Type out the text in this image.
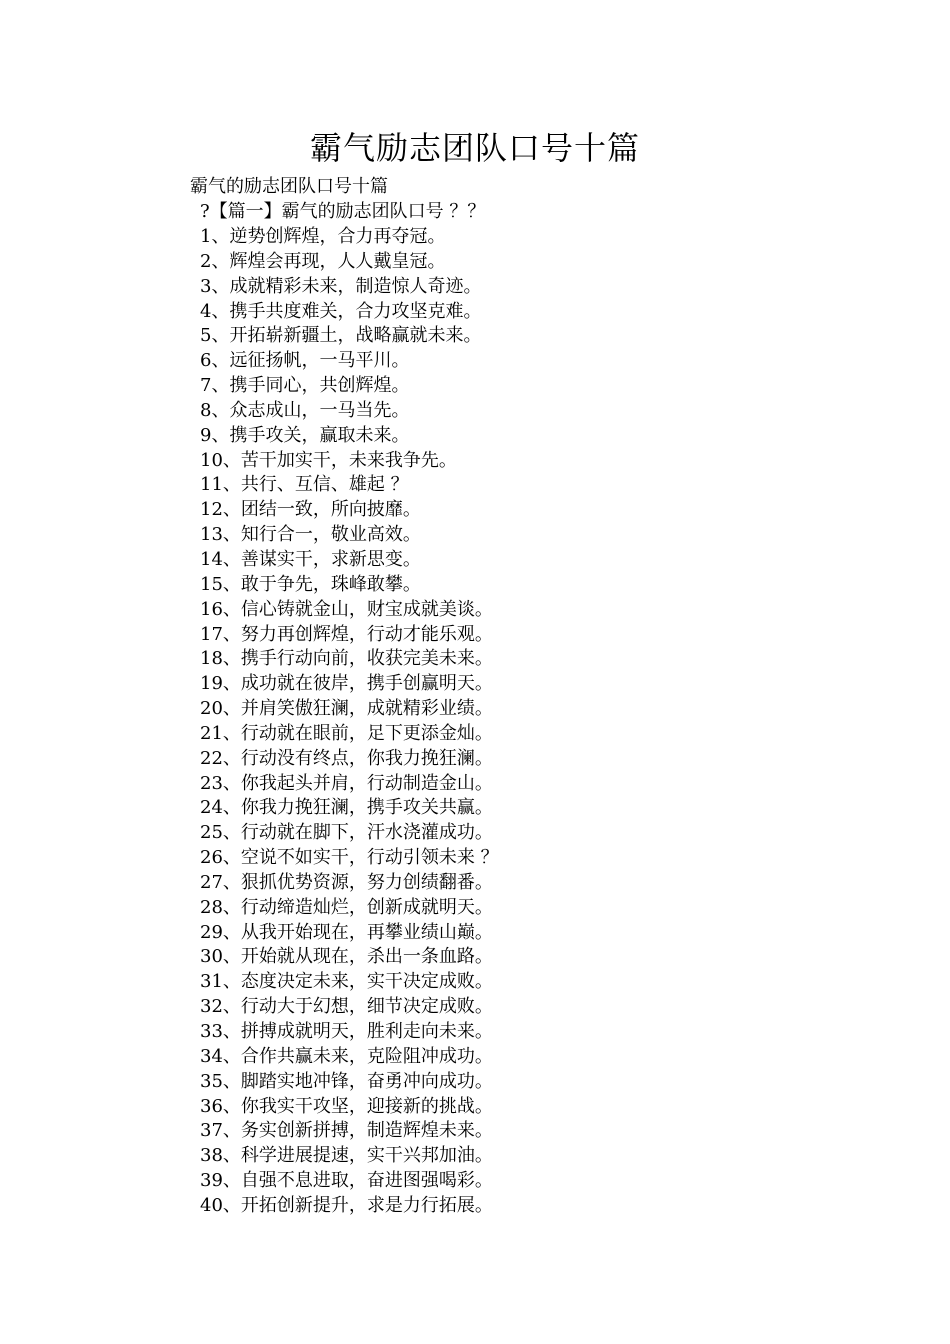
霸气励志团队口号十篇
霸气的励志团队口号十篇
?【篇一】霸气的励志团队口号 ？？
1、逆势创辉煌，合力再夺冠。
2、辉煌会再现，人人戴皇冠。
3、成就精彩未来，制造惊人奇迹。
4、携手共度难关，合力攻坚克难。
5、开拓崭新疆土，战略赢就未来。
6、远征扬帆，一马平川。
7、携手同心，共创辉煌。
8、众志成山，一马当先。
9、携手攻关，赢取未来。
10、苦干加实干，未来我争先。
11、共行、互信、雄起 ？
12、团结一致，所向披靡。
13、知行合一，敬业高效。
14、善谋实干，求新思变。
15、敢于争先，珠峰敢攀。
16、信心铸就金山，财宝成就美谈。
17、努力再创辉煌，行动才能乐观。
18、携手行动向前，收获完美未来。
19、成功就在彼岸，携手创赢明天。
20、并肩笑傲狂澜，成就精彩业绩。
21、行动就在眼前，足下更添金灿。
22、行动没有终点，你我力挽狂澜。
23、你我起头并肩，行动制造金山。
24、你我力挽狂澜，携手攻关共赢。
25、行动就在脚下，汗水浇灌成功。
26、空说不如实干，行动引领未来 ？
27、狠抓优势资源，努力创绩翻番。
28、行动缔造灿烂，创新成就明天。
29、从我开始现在，再攀业绩山巅。
30、开始就从现在，杀出一条血路。
31、态度决定未来，实干决定成败。
32、行动大于幻想，细节决定成败。
33、拼搏成就明天，胜利走向未来。
34、合作共赢未来，克险阻冲成功。
35、脚踏实地冲锋，奋勇冲向成功。
36、你我实干攻坚，迎接新的挑战。
37、务实创新拼搏，制造辉煌未来。
38、科学进展提速，实干兴邦加油。
39、自强不息进取，奋进图强喝彩。
40、开拓创新提升，求是力行拓展。
